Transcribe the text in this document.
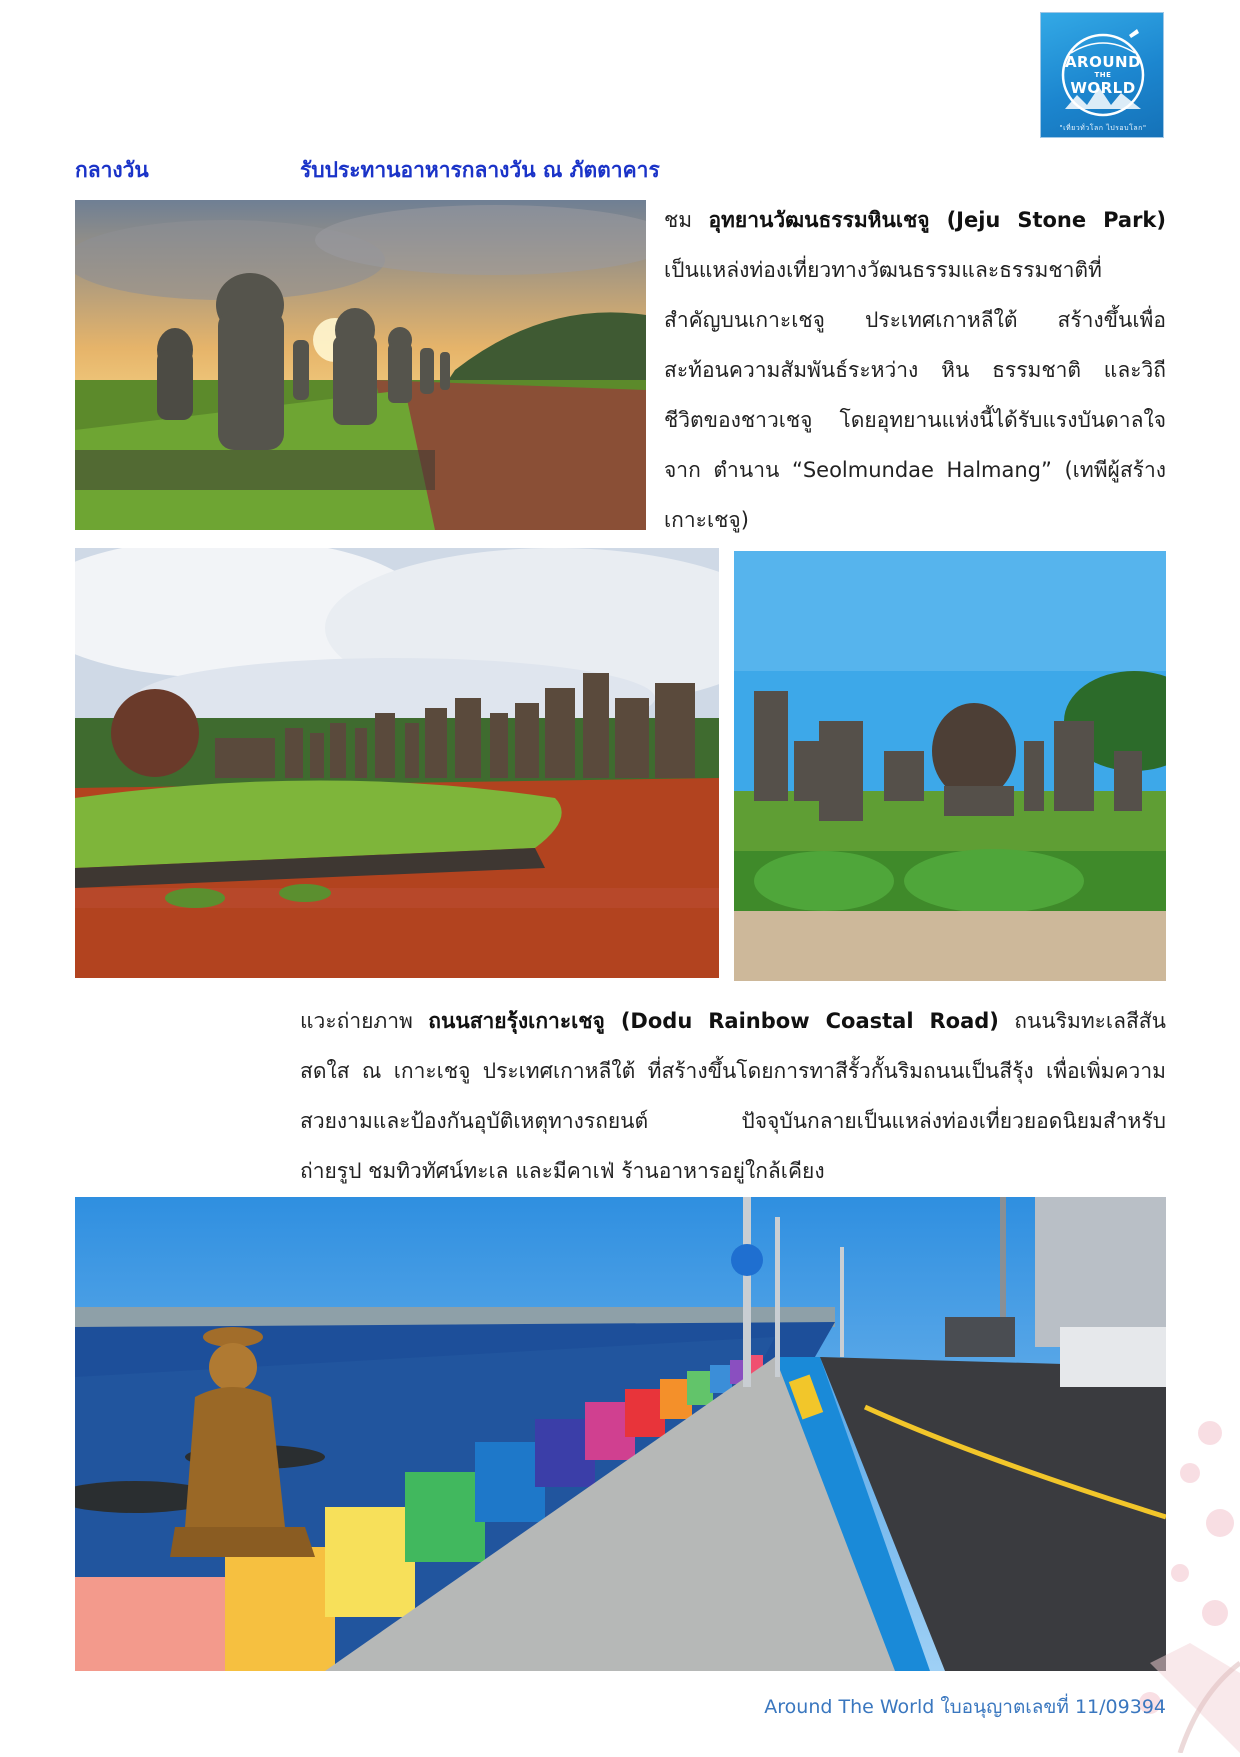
AROUND
THE
WORLD
"เที่ยวทั่วโลก ไปรอบโลก"
กลางวัน	รับประทานอาหารกลางวัน ณ ภัตตาคาร
ชม อุทยานวัฒนธรรมหินเชจู (Jeju Stone Park)
เป็นแหล่งท่องเที่ยวทางวัฒนธรรมและธรรมชาติที่
สำคัญบนเกาะเชจู ประเทศเกาหลีใต้ สร้างขึ้นเพื่อ
สะท้อนความสัมพันธ์ระหว่าง หิน ธรรมชาติ และวิถี
ชีวิตของชาวเชจู โดยอุทยานแห่งนี้ได้รับแรงบันดาลใจ
จาก ตำนาน “Seolmundae Halmang” (เทพีผู้สร้าง
เกาะเชจู)
แวะถ่ายภาพ ถนนสายรุ้งเกาะเชจู (Dodu Rainbow Coastal Road) ถนนริมทะเลสีสัน
สดใส ณ เกาะเชจู ประเทศเกาหลีใต้ ที่สร้างขึ้นโดยการทาสีรั้วกั้นริมถนนเป็นสีรุ้ง เพื่อเพิ่มความ
สวยงามและป้องกันอุบัติเหตุทางรถยนต์ ปัจจุบันกลายเป็นแหล่งท่องเที่ยวยอดนิยมสำหรับ
ถ่ายรูป ชมทิวทัศน์ทะเล และมีคาเฟ่ ร้านอาหารอยู่ใกล้เคียง
Around The World ใบอนุญาตเลขที่ 11/09394
